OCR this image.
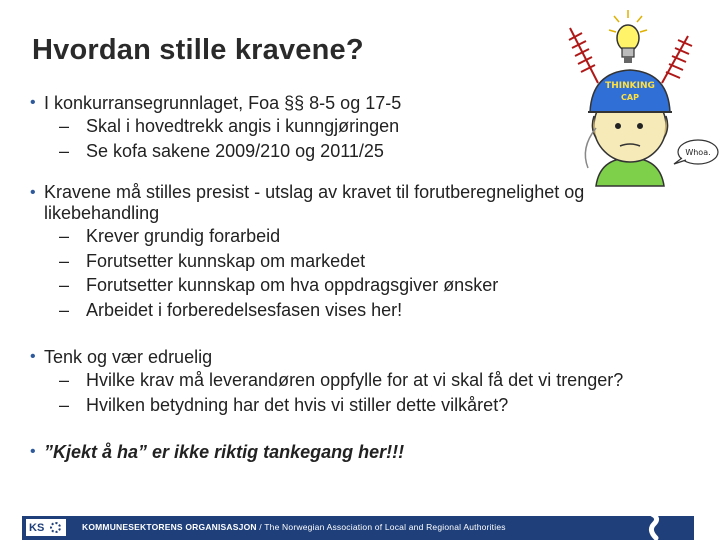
Hvordan stille kravene?
• I konkurransegrunnlaget, Foa §§ 8-5 og 17-5
– Skal i hovedtrekk angis i kunngjøringen
– Se kofa sakene 2009/210 og 2011/25
• Kravene må stilles presist - utslag av kravet til forutberegnelighet og likebehandling
– Krever grundig forarbeid
– Forutsetter kunnskap om markedet
– Forutsetter kunnskap om hva oppdragsgiver ønsker
– Arbeidet i forberedelsesfasen vises her!
• Tenk og vær edruelig
– Hvilke krav må leverandøren oppfylle for at vi skal få det vi trenger?
– Hvilken betydning har det hvis vi stiller dette vilkåret?
• ”Kjekt å ha” er ikke riktig tankegang her!!!
THINKING
CAP
Whoa.
KS	KOMMUNESEKTORENS ORGANISASJON / The Norwegian Association of Local and Regional Authorities
